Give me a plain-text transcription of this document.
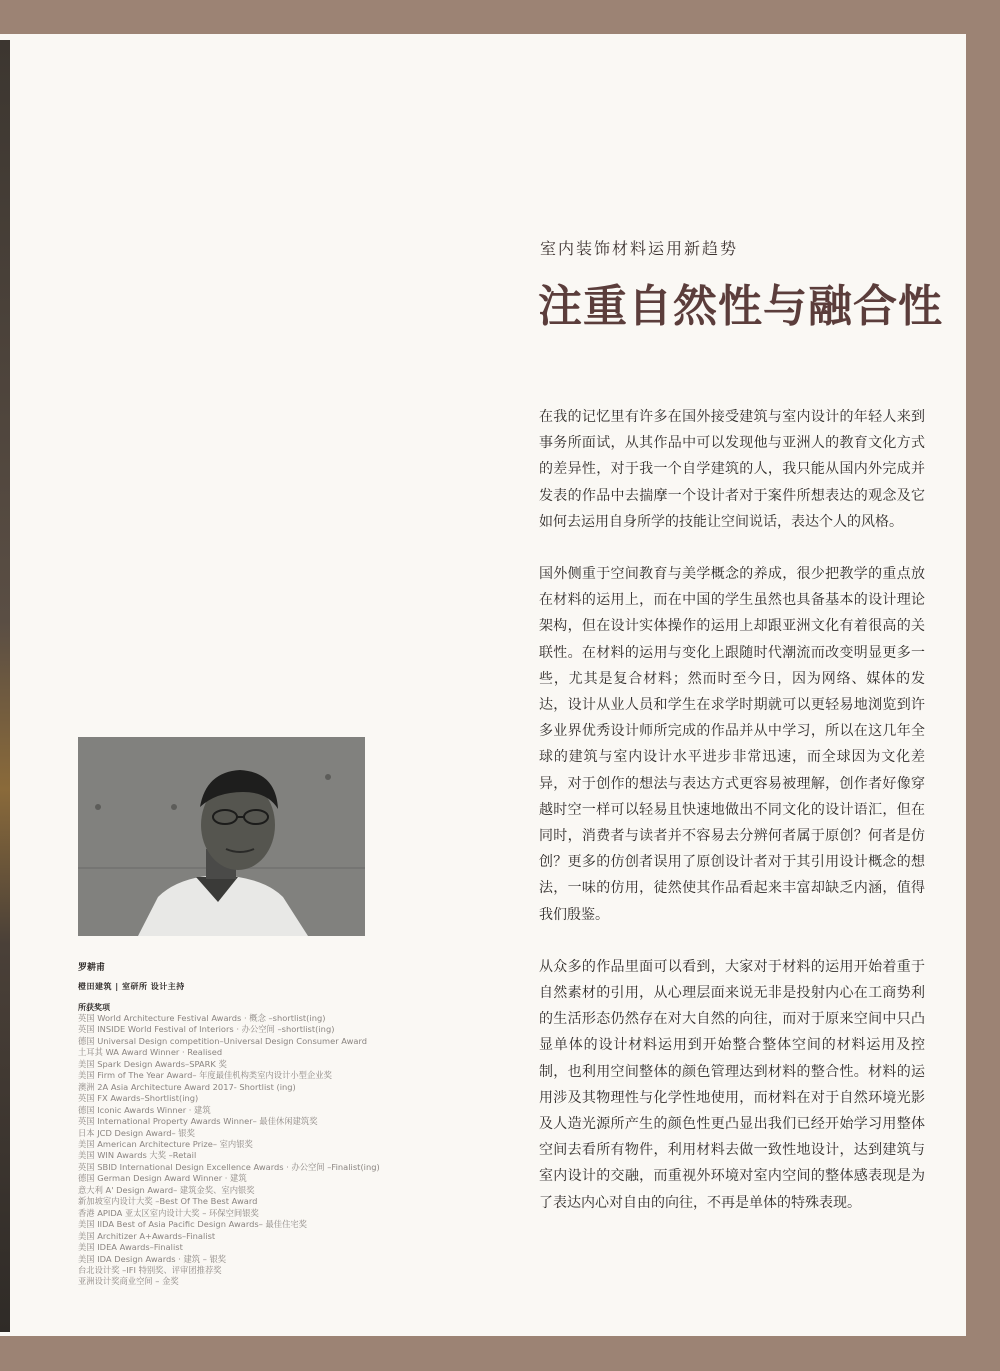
室内装饰材料运用新趋势
注重自然性与融合性

在我的记忆里有许多在国外接受建筑与室内设计的年轻人来到事务所面试，从其作品中可以发现他与亚洲人的教育文化方式的差异性，对于我一个自学建筑的人，我只能从国内外完成并发表的作品中去揣摩一个设计者对于案件所想表达的观念及它如何去运用自身所学的技能让空间说话，表达个人的风格。

国外侧重于空间教育与美学概念的养成，很少把教学的重点放在材料的运用上，而在中国的学生虽然也具备基本的设计理论架构，但在设计实体操作的运用上却跟亚洲文化有着很高的关联性。在材料的运用与变化上跟随时代潮流而改变明显更多一些，尤其是复合材料；然而时至今日，因为网络、媒体的发达，设计从业人员和学生在求学时期就可以更轻易地浏览到许多业界优秀设计师所完成的作品并从中学习，所以在这几年全球的建筑与室内设计水平进步非常迅速，而全球因为文化差异，对于创作的想法与表达方式更容易被理解，创作者好像穿越时空一样可以轻易且快速地做出不同文化的设计语汇，但在同时，消费者与读者并不容易去分辨何者属于原创？何者是仿创？更多的仿创者误用了原创设计者对于其引用设计概念的想法，一味的仿用，徒然使其作品看起来丰富却缺乏内涵，值得我们殷鉴。

从众多的作品里面可以看到，大家对于材料的运用开始着重于自然素材的引用，从心理层面来说无非是投射内心在工商势利的生活形态仍然存在对大自然的向往，而对于原来空间中只凸显单体的设计材料运用到开始整合整体空间的材料运用及控制，也利用空间整体的颜色管理达到材料的整合性。材料的运用涉及其物理性与化学性地使用，而材料在对于自然环境光影及人造光源所产生的颜色性更凸显出我们已经开始学习用整体空间去看所有物件，利用材料去做一致性地设计，达到建筑与室内设计的交融，而重视外环境对室内空间的整体感表现是为了表达内心对自由的向往，不再是单体的特殊表现。

罗耕甫
橙田建筑 | 室研所 设计主持
所获奖项
英国 World Architecture Festival Awards · 概念 –shortlist(ing)
英国 INSIDE World Festival of Interiors · 办公空间 –shortlist(ing)
德国 Universal Design competition–Universal Design Consumer Award
土耳其 WA Award Winner · Realised
美国 Spark Design Awards–SPARK 奖
美国 Firm of The Year Award– 年度最佳机构类室内设计小型企业奖
澳洲 2A Asia Architecture Award 2017- Shortlist (ing)
英国 FX Awards–Shortlist(ing)
德国 Iconic Awards Winner · 建筑
英国 International Property Awards Winner– 最佳休闲建筑奖
日本 JCD Design Award– 银奖
美国 American Architecture Prize– 室内银奖
美国 WIN Awards 大奖 –Retail
英国 SBID International Design Excellence Awards · 办公空间 –Finalist(ing)
德国 German Design Award Winner · 建筑
意大利 A' Design Award– 建筑金奖、室内银奖
新加坡室内设计大奖 –Best Of The Best Award
香港 APIDA 亚太区室内设计大奖 – 环保空间银奖
美国 IIDA Best of Asia Pacific Design Awards– 最佳住宅奖
美国 Architizer A+Awards–Finalist
美国 IDEA Awards–Finalist
美国 IDA Design Awards · 建筑 – 银奖
台北设计奖 –IFI 特别奖、评审团推荐奖
亚洲设计奖商业空间 – 金奖
